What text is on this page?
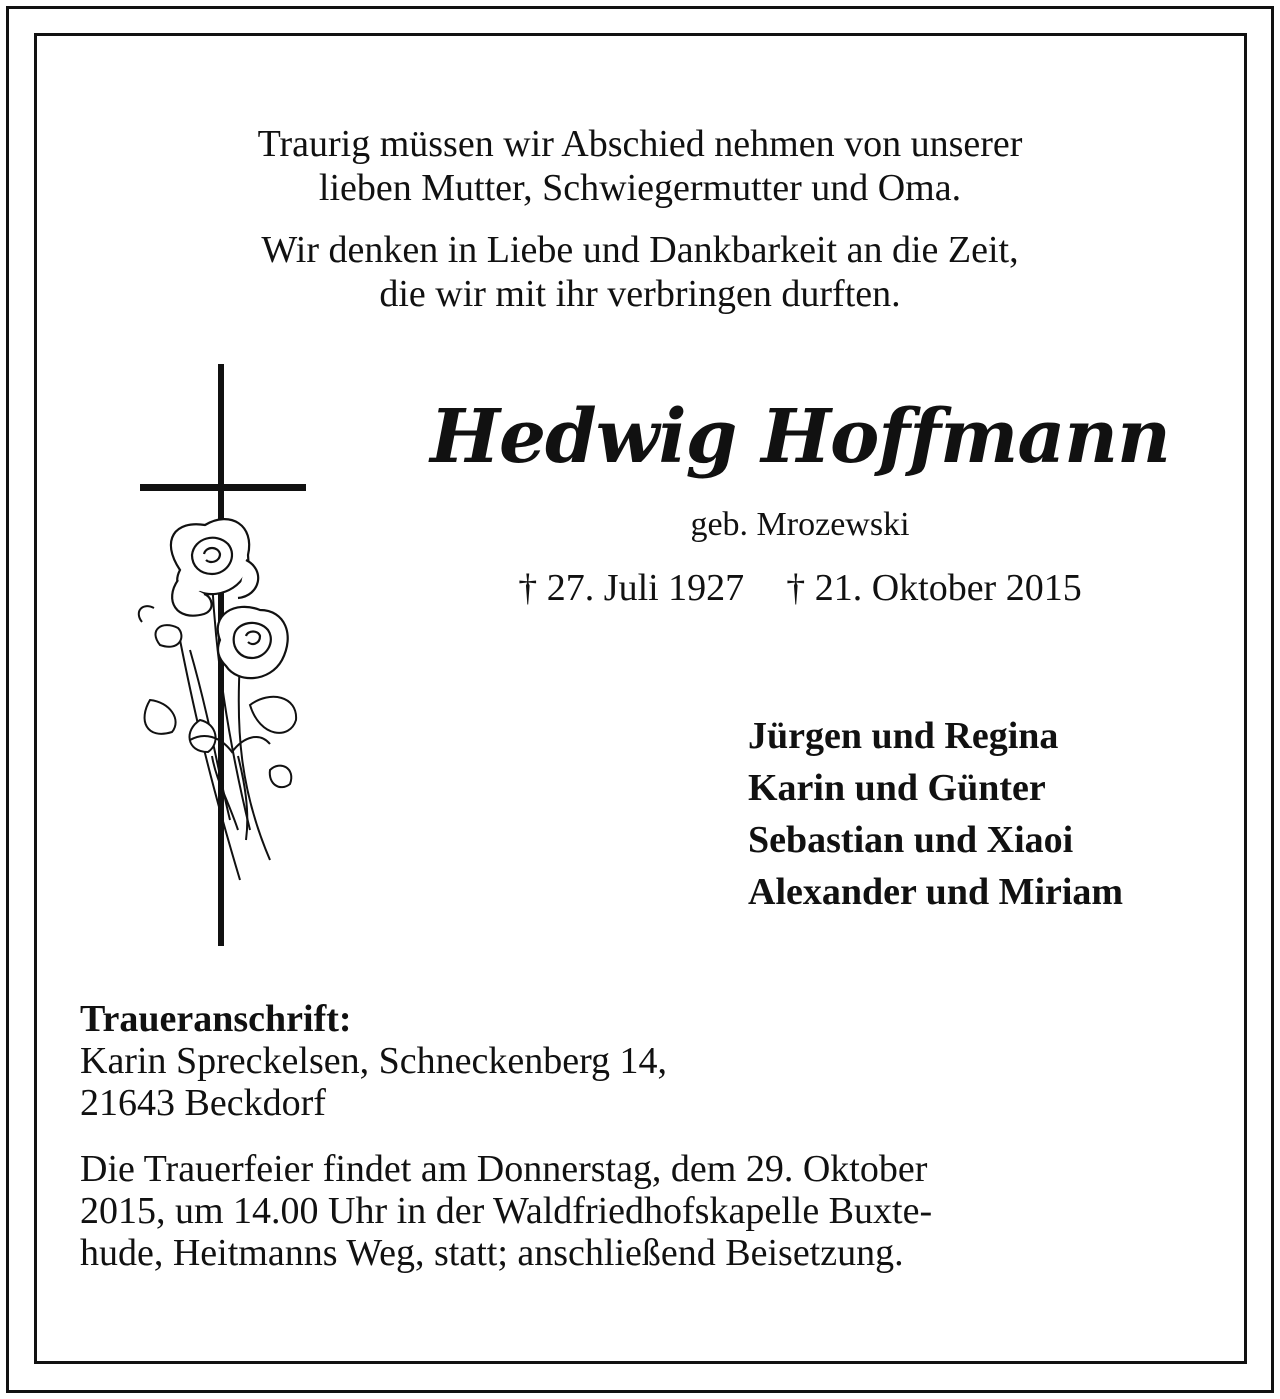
Traurig müssen wir Abschied nehmen von unserer
lieben Mutter, Schwiegermutter und Oma.
Wir denken in Liebe und Dankbarkeit an die Zeit,
die wir mit ihr verbringen durften.
Hedwig Hoffmann
geb. Mrozewski
† 27. Juli 1927 † 21. Oktober 2015
Jürgen und Regina
Karin und Günter
Sebastian und Xiaoi
Alexander und Miriam

Traueranschrift:

Karin Spreckelsen, Schneckenberg 14,

21643 Beckdorf

Die Trauerfeier findet am Donnerstag, dem 29. Oktober
2015, um 14.00 Uhr in der Waldfriedhofskapelle Buxte-
hude, Heitmanns Weg, statt; anschließend Beisetzung.
